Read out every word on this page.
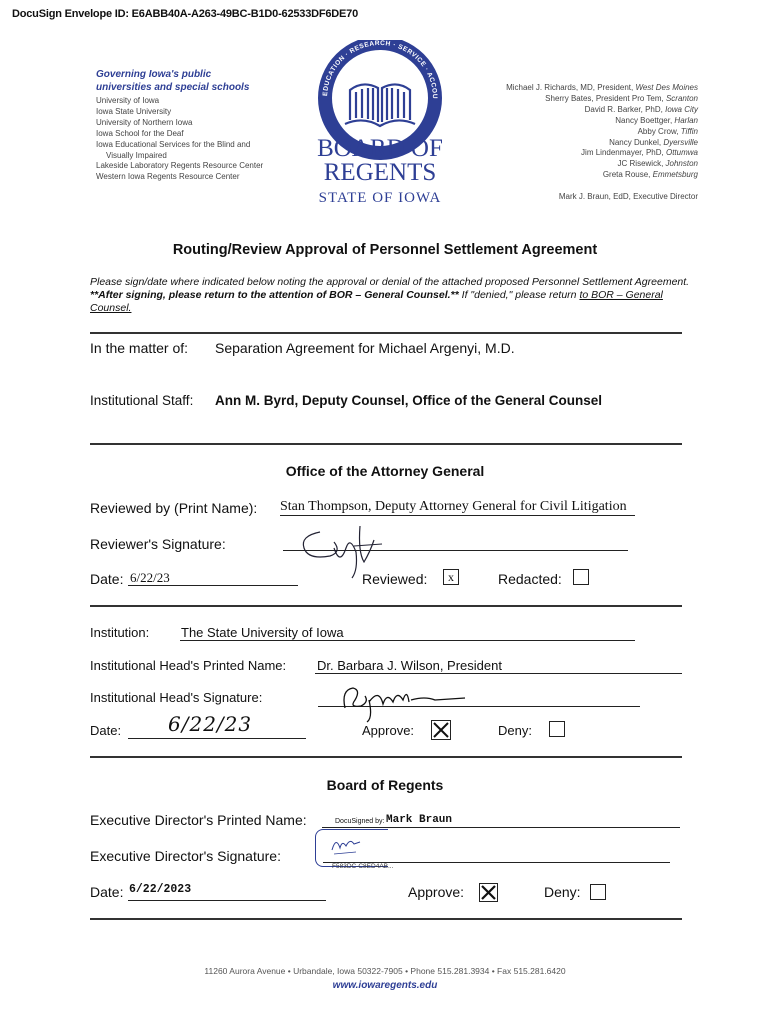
DocuSign Envelope ID: E6ABB40A-A263-49BC-B1D0-62533DF6DE70
Governing Iowa's public
universities and special schools
University of Iowa
Iowa State University
University of Northern Iowa
Iowa School for the Deaf
Iowa Educational Services for the Blind and
Visually Impaired
Lakeside Laboratory Regents Resource Center
Western Iowa Regents Resource Center
EDUCATION · RESEARCH · SERVICE · ACCOU
BOARD OF
REGENTS
STATE OF IOWA
Michael J. Richards, MD, President, West Des Moines
Sherry Bates, President Pro Tem, Scranton
David R. Barker, PhD, Iowa City
Nancy Boettger, Harlan
Abby Crow, Tiffin
Nancy Dunkel, Dyersville
Jim Lindenmayer, PhD, Ottumwa
JC Risewick, Johnston
Greta Rouse, Emmetsburg
Mark J. Braun, EdD, Executive Director
Routing/Review Approval of Personnel Settlement Agreement
Please sign/date where indicated below noting the approval or denial of the attached proposed Personnel Settlement Agreement. **After signing, please return to the attention of BOR – General Counsel.** If "denied," please return to BOR – General Counsel.
In the matter of: Separation Agreement for Michael Argenyi, M.D.
Institutional Staff: Ann M. Byrd, Deputy Counsel, Office of the General Counsel
Office of the Attorney General
Reviewed by (Print Name): Stan Thompson, Deputy Attorney General for Civil Litigation
Reviewer's Signature:
Date: 6/22/23	Reviewed:	x	Redacted:
Institution: The State University of Iowa
Institutional Head's Printed Name: Dr. Barbara J. Wilson, President
Institutional Head's Signature:
Date: 6/22/23	Approve:	Deny:
Board of Regents
Executive Director's Printed Name:	DocuSigned by: Mark Braun
Executive Director's Signature:
F583DC-C8ED4AB...
Date: 6/22/2023	Approve:	Deny:
11260 Aurora Avenue • Urbandale, Iowa 50322-7905 • Phone 515.281.3934 • Fax 515.281.6420
www.iowaregents.edu
